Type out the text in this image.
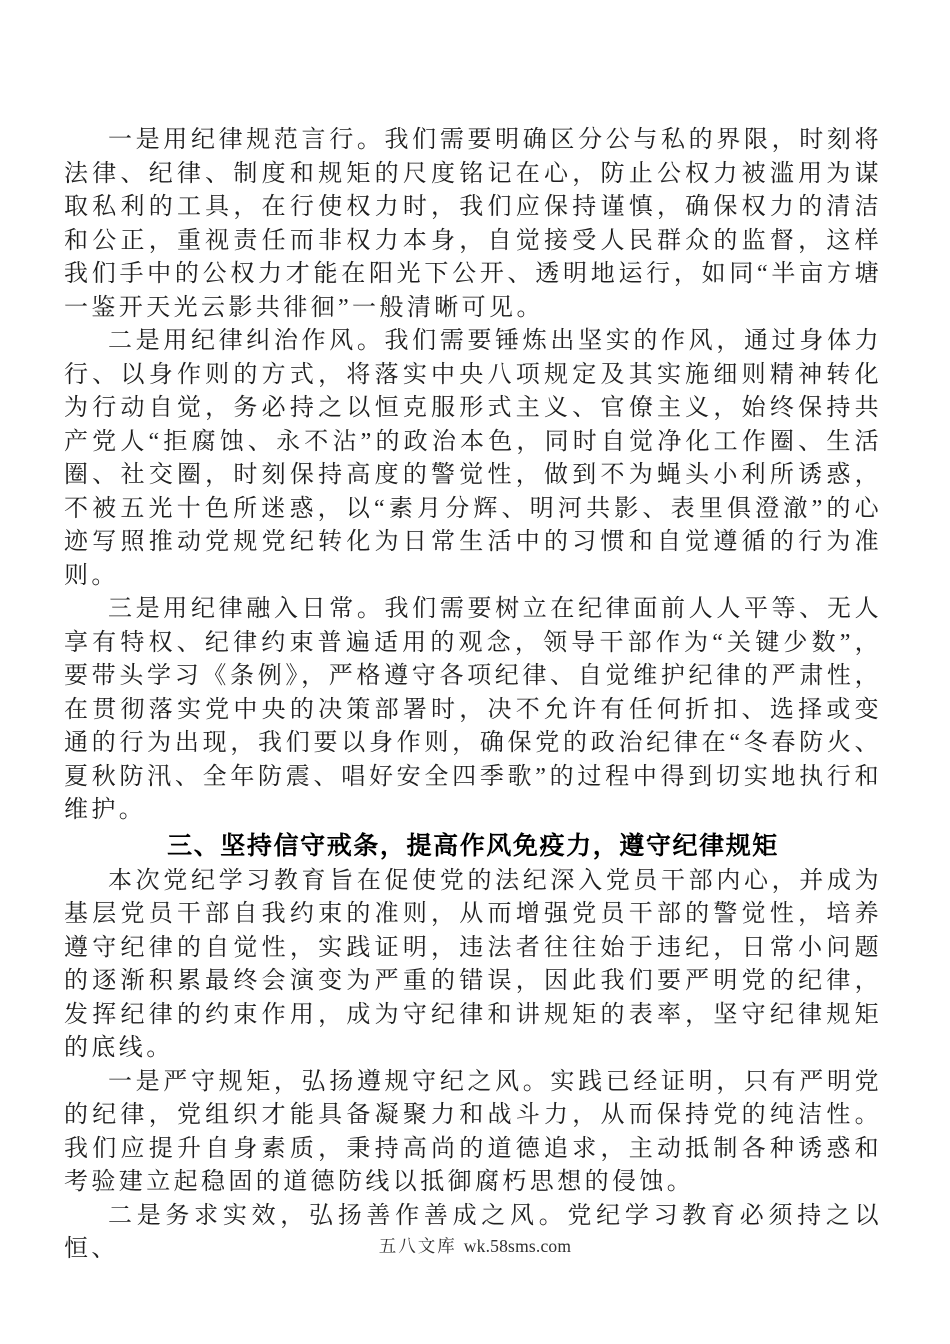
一是用纪律规范言行。我们需要明确区分公与私的界限，时刻将法律、纪律、制度和规矩的尺度铭记在心，防止公权力被滥用为谋取私利的工具，在行使权力时，我们应保持谨慎，确保权力的清洁和公正，重视责任而非权力本身，自觉接受人民群众的监督，这样我们手中的公权力才能在阳光下公开、透明地运行，如同“半亩方塘一鉴开天光云影共徘徊”一般清晰可见。

二是用纪律纠治作风。我们需要锤炼出坚实的作风，通过身体力行、以身作则的方式，将落实中央八项规定及其实施细则精神转化为行动自觉，务必持之以恒克服形式主义、官僚主义，始终保持共产党人“拒腐蚀、永不沾”的政治本色，同时自觉净化工作圈、生活圈、社交圈，时刻保持高度的警觉性，做到不为蝇头小利所诱惑，不被五光十色所迷惑，以“素月分辉、明河共影、表里俱澄澈”的心迹写照推动党规党纪转化为日常生活中的习惯和自觉遵循的行为准则。

三是用纪律融入日常。我们需要树立在纪律面前人人平等、无人享有特权、纪律约束普遍适用的观念，领导干部作为“关键少数”，要带头学习《条例》，严格遵守各项纪律、自觉维护纪律的严肃性，在贯彻落实党中央的决策部署时，决不允许有任何折扣、选择或变通的行为出现，我们要以身作则，确保党的政治纪律在“冬春防火、夏秋防汛、全年防震、唱好安全四季歌”的过程中得到切实地执行和维护。

三、坚持信守戒条，提高作风免疫力，遵守纪律规矩

本次党纪学习教育旨在促使党的法纪深入党员干部内心，并成为基层党员干部自我约束的准则，从而增强党员干部的警觉性，培养遵守纪律的自觉性，实践证明，违法者往往始于违纪，日常小问题的逐渐积累最终会演变为严重的错误，因此我们要严明党的纪律，发挥纪律的约束作用，成为守纪律和讲规矩的表率，坚守纪律规矩的底线。

一是严守规矩，弘扬遵规守纪之风。实践已经证明，只有严明党的纪律，党组织才能具备凝聚力和战斗力，从而保持党的纯洁性。我们应提升自身素质，秉持高尚的道德追求，主动抵制各种诱惑和考验建立起稳固的道德防线以抵御腐朽思想的侵蚀。

二是务求实效，弘扬善作善成之风。党纪学习教育必须持之以恒、	五八文库 wk.58sms.com
